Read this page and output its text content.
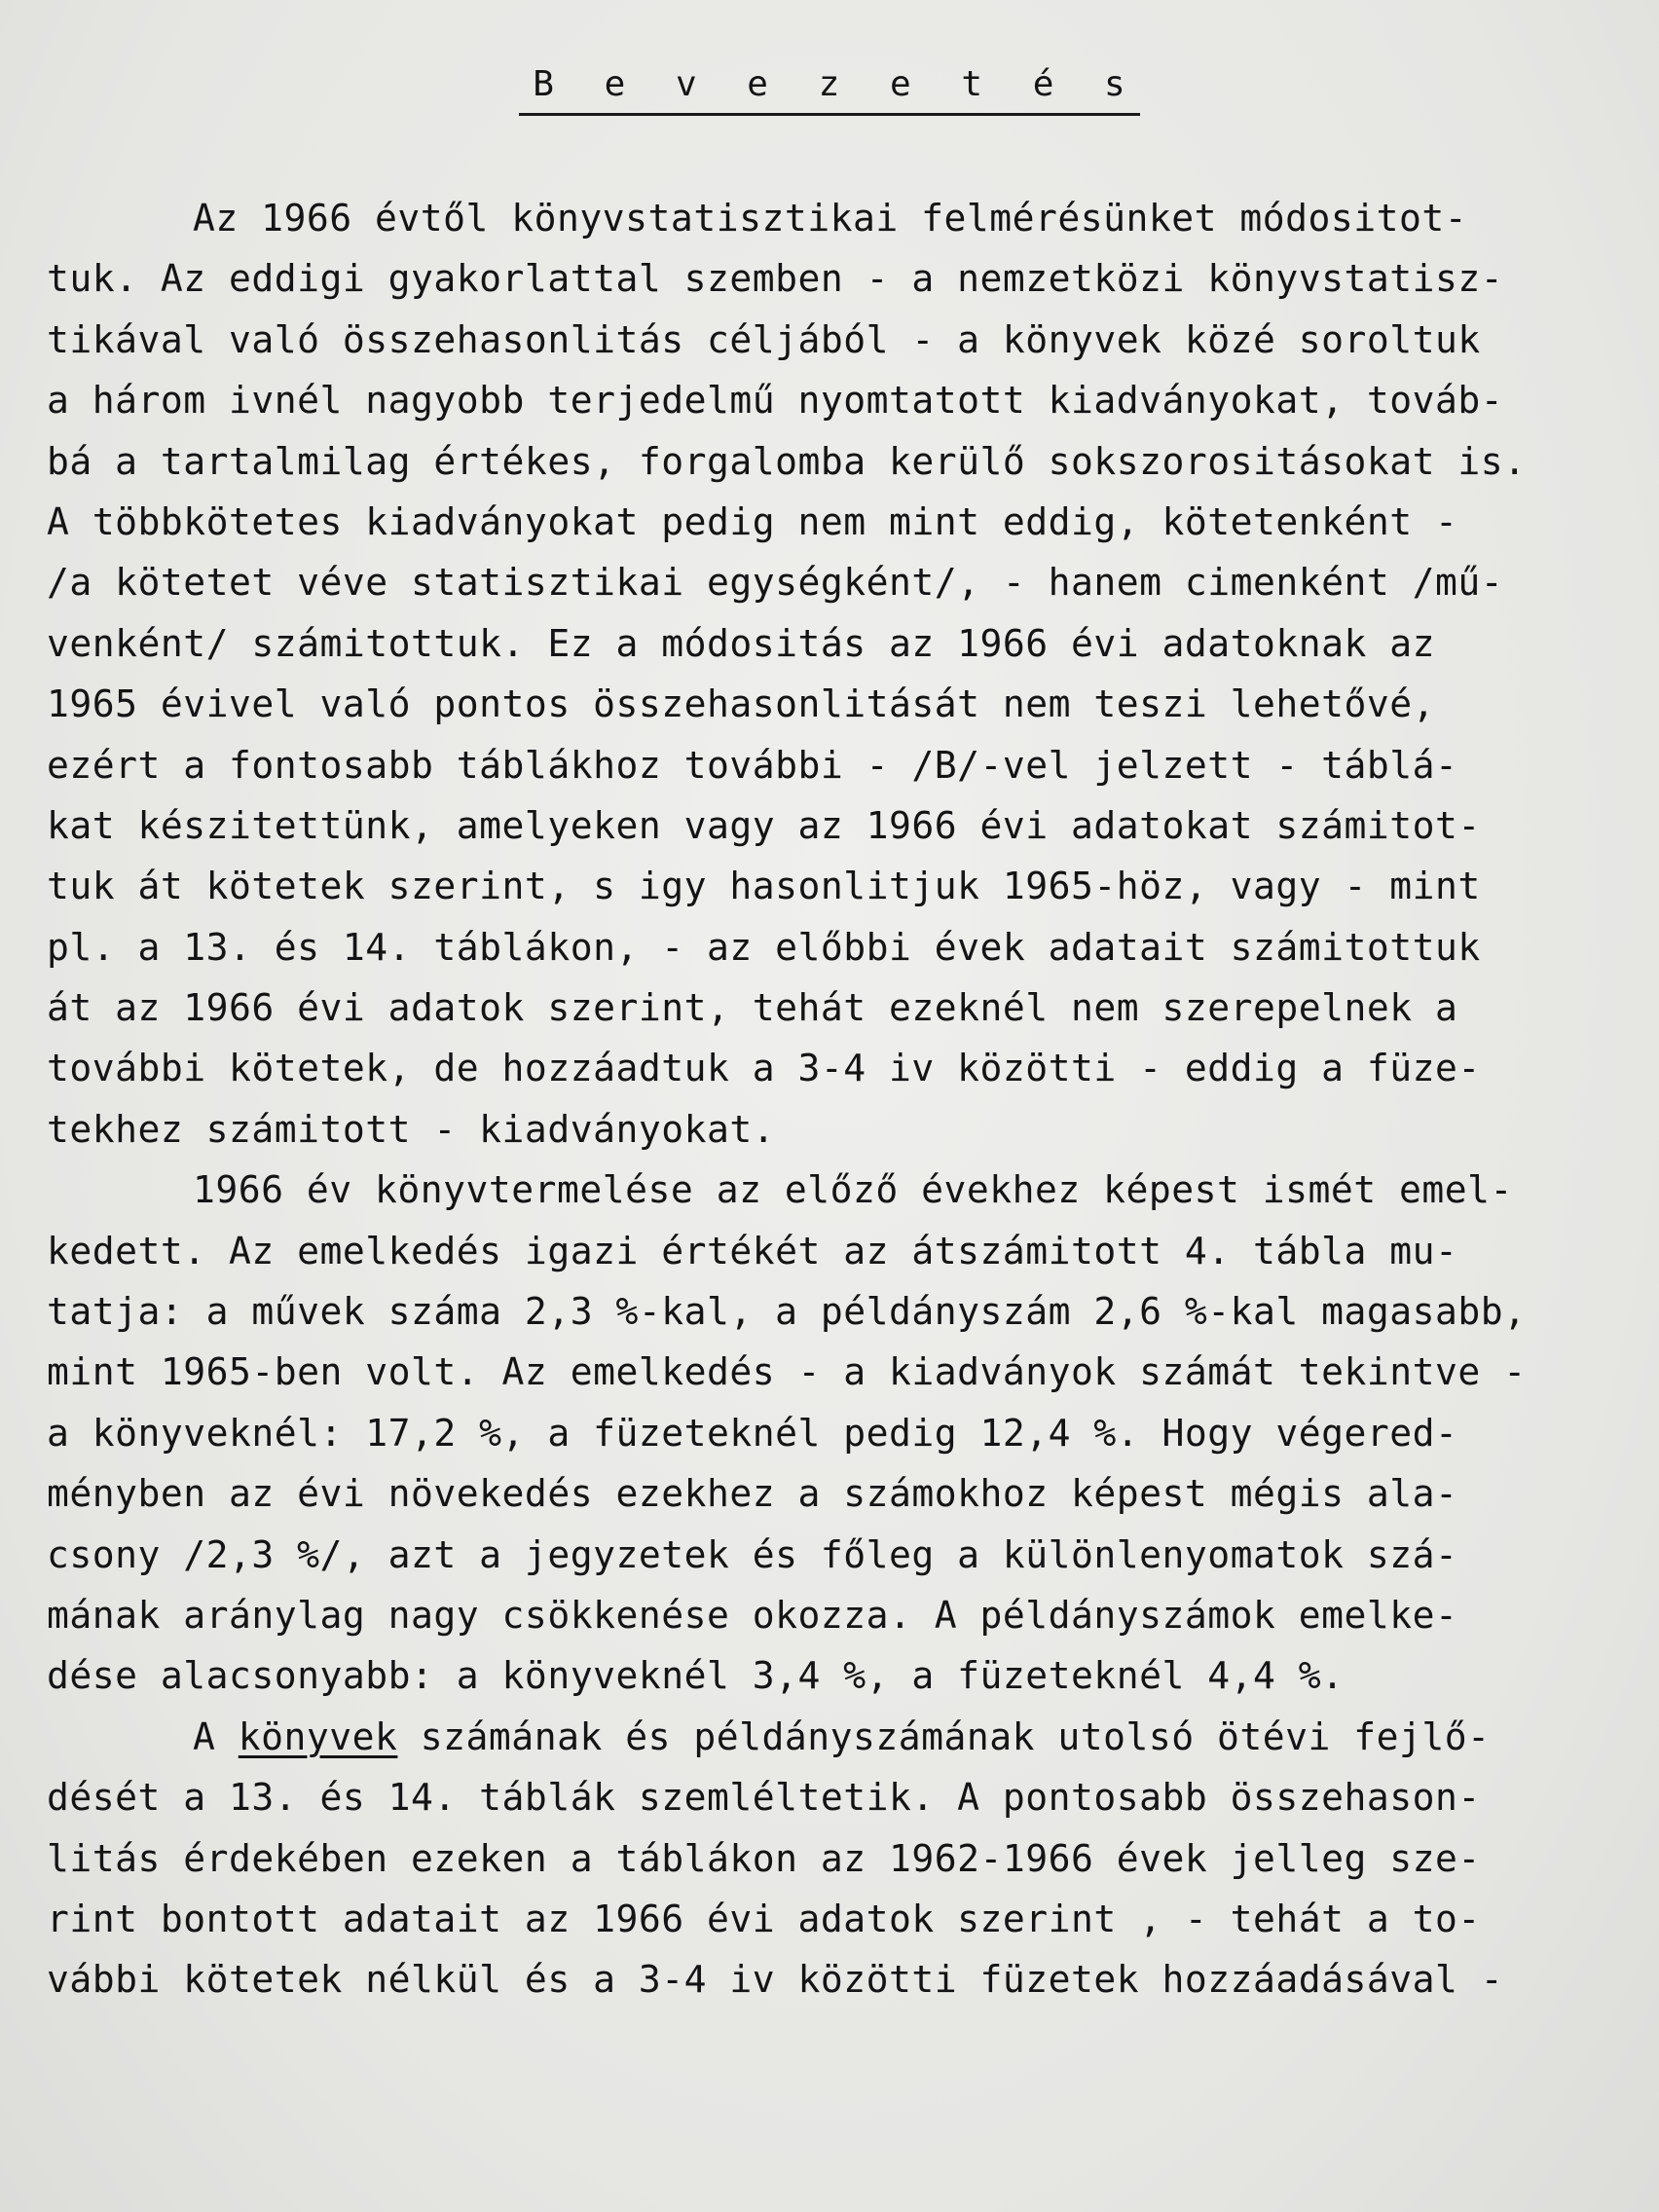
B e v e z e t é s
Az 1966 évtől könyvstatisztikai felmérésünket módositot-
tuk. Az eddigi gyakorlattal szemben - a nemzetközi könyvstatisz-
tikával való összehasonlitás céljából - a könyvek közé soroltuk
a három ivnél nagyobb terjedelmű nyomtatott kiadványokat, továb-
bá a tartalmilag értékes, forgalomba kerülő sokszorositásokat is.
A többkötetes kiadványokat pedig nem mint eddig, kötetenként -
/a kötetet véve statisztikai egységként/, - hanem cimenként /mű-
venként/ számitottuk. Ez a módositás az 1966 évi adatoknak az
1965 évivel való pontos összehasonlitását nem teszi lehetővé,
ezért a fontosabb táblákhoz további - /B/-vel jelzett - táblá-
kat készitettünk, amelyeken vagy az 1966 évi adatokat számitot-
tuk át kötetek szerint, s igy hasonlitjuk 1965-höz, vagy - mint
pl. a 13. és 14. táblákon, - az előbbi évek adatait számitottuk
át az 1966 évi adatok szerint, tehát ezeknél nem szerepelnek a
további kötetek, de hozzáadtuk a 3-4 iv közötti - eddig a füze-
tekhez számitott - kiadványokat.
1966 év könyvtermelése az előző évekhez képest ismét emel-
kedett. Az emelkedés igazi értékét az átszámitott 4. tábla mu-
tatja: a művek száma 2,3 %-kal, a példányszám 2,6 %-kal magasabb,
mint 1965-ben volt. Az emelkedés - a kiadványok számát tekintve -
a könyveknél: 17,2 %, a füzeteknél pedig 12,4 %. Hogy végered-
ményben az évi növekedés ezekhez a számokhoz képest mégis ala-
csony /2,3 %/, azt a jegyzetek és főleg a különlenyomatok szá-
mának aránylag nagy csökkenése okozza. A példányszámok emelke-
dése alacsonyabb: a könyveknél 3,4 %, a füzeteknél 4,4 %.
A könyvek számának és példányszámának utolsó ötévi fejlő-
dését a 13. és 14. táblák szemléltetik. A pontosabb összehason-
litás érdekében ezeken a táblákon az 1962-1966 évek jelleg sze-
rint bontott adatait az 1966 évi adatok szerint , - tehát a to-
vábbi kötetek nélkül és a 3-4 iv közötti füzetek hozzáadásával -
